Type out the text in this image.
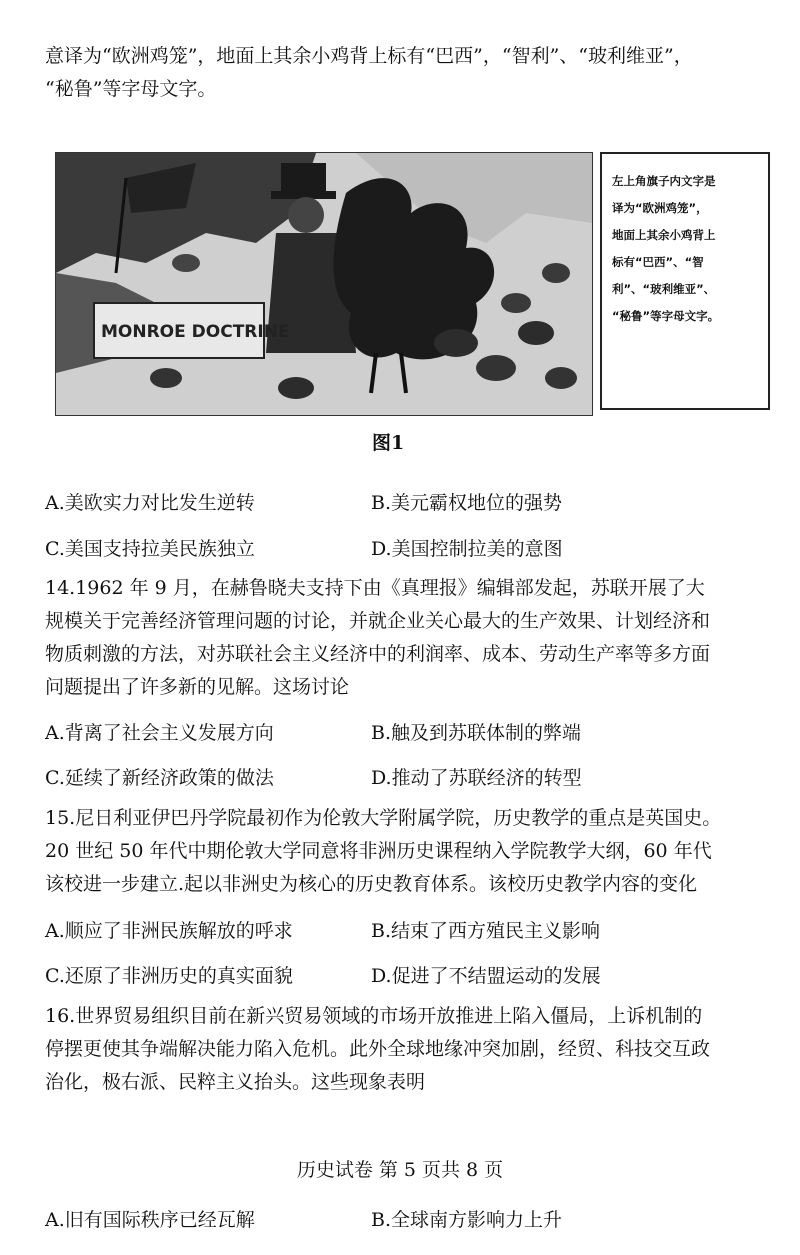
意译为“欧洲鸡笼”，地面上其余小鸡背上标有“巴西”，“智利”、“玻利维亚”，
“秘鲁”等字母文字。
MONROE DOCTRINE

左上角旗子内文字是

译为“欧洲鸡笼”，

地面上其余小鸡背上

标有“巴西”、“智

利”、“玻利维亚”、

“秘鲁”等字母文字。

图1
A.美欧实力对比发生逆转	B.美元霸权地位的强势
C.美国支持拉美民族独立	D.美国控制拉美的意图
14.1962 年 9 月，在赫鲁晓夫支持下由《真理报》编辑部发起，苏联开展了大
规模关于完善经济管理问题的讨论，并就企业关心最大的生产效果、计划经济和
物质刺激的方法，对苏联社会主义经济中的利润率、成本、劳动生产率等多方面
问题提出了许多新的见解。这场讨论
A.背离了社会主义发展方向	B.触及到苏联体制的弊端
C.延续了新经济政策的做法	D.推动了苏联经济的转型
15.尼日利亚伊巴丹学院最初作为伦敦大学附属学院，历史教学的重点是英国史。
20 世纪 50 年代中期伦敦大学同意将非洲历史课程纳入学院教学大纲，60 年代
该校进一步建立.起以非洲史为核心的历史教育体系。该校历史教学内容的变化
A.顺应了非洲民族解放的呼求	B.结束了西方殖民主义影响
C.还原了非洲历史的真实面貌	D.促进了不结盟运动的发展
16.世界贸易组织目前在新兴贸易领域的市场开放推进上陷入僵局，上诉机制的
停摆更使其争端解决能力陷入危机。此外全球地缘冲突加剧，经贸、科技交互政
治化，极右派、民粹主义抬头。这些现象表明
历史试卷 第 5 页共 8 页
A.旧有国际秩序已经瓦解	B.全球南方影响力上升
